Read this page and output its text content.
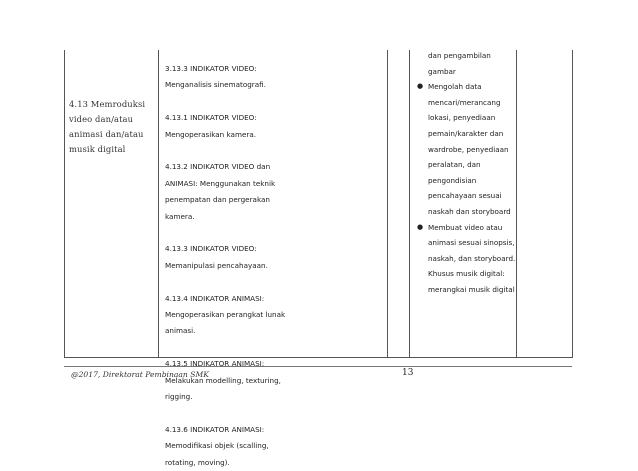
4.13 Memroduksi
video dan/atau
animasi dan/atau
musik digital
3.13.3 INDIKATOR VIDEO:
Menganalisis sinematografi.
4.13.1 INDIKATOR VIDEO:
Mengoperasikan kamera.
4.13.2 INDIKATOR VIDEO dan
ANIMASI: Menggunakan teknik
penempatan dan pergerakan
kamera.
4.13.3 INDIKATOR VIDEO:
Memanipulasi pencahayaan.
4.13.4 INDIKATOR ANIMASI:
Mengoperasikan perangkat lunak
animasi.
4.13.5 INDIKATOR ANIMASI:
Melakukan modelling, texturing,
rigging.
4.13.6 INDIKATOR ANIMASI:
Memodifikasi objek (scalling,
rotating, moving).
dan pengambilan
gambar
● Mengolah data
mencari/merancang
lokasi, penyediaan
pemain/karakter dan
wardrobe, penyediaan
peralatan, dan
pengondisian
pencahayaan sesuai
naskah dan storyboard
● Membuat video atau
animasi sesuai sinopsis,
naskah, dan storyboard.
Khusus musik digital:
merangkai musik digital
@2017, Direktorat Pembinaan SMK	13
